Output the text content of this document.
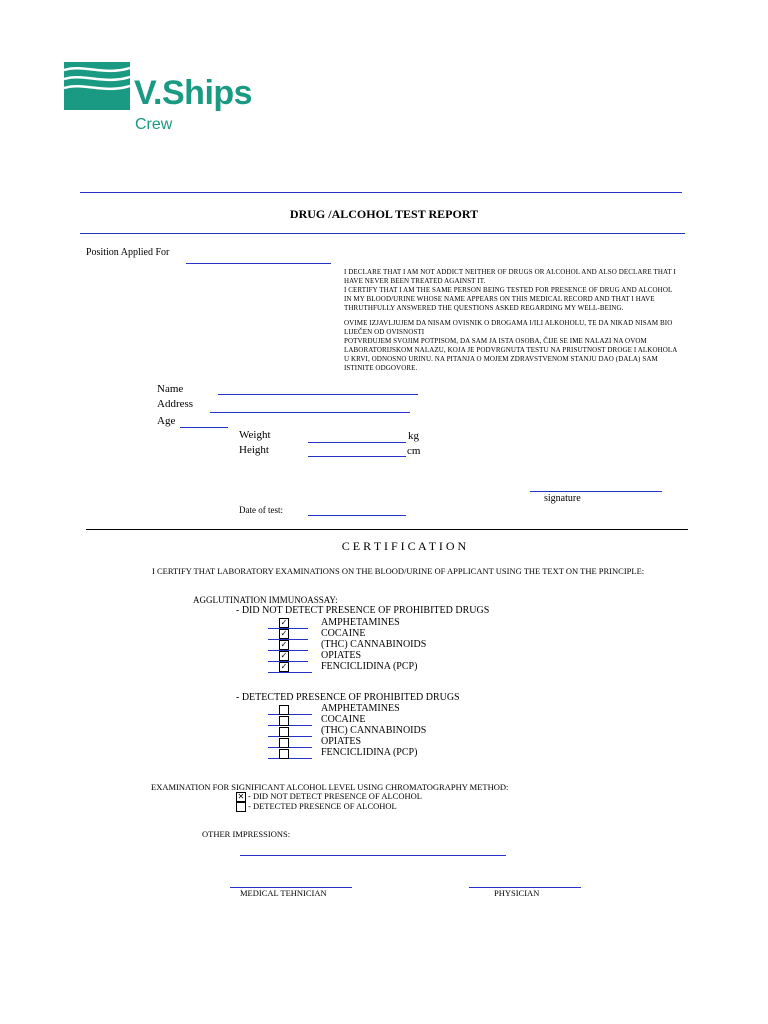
V.Ships
Crew
DRUG /ALCOHOL TEST REPORT
Position Applied For

I DECLARE THAT I AM NOT ADDICT NEITHER OF DRUGS OR ALCOHOL AND ALSO DECLARE THAT I HAVE NEVER BEEN TREATED AGAINST IT.
I CERTIFY THAT I AM THE SAME PERSON BEING TESTED FOR PRESENCE OF DRUG AND ALCOHOL IN MY BLOOD/URINE WHOSE NAME APPEARS ON THIS MEDICAL RECORD AND THAT I HAVE THRUTHFULLY ANSWERED THE QUESTIONS ASKED REGARDING MY WELL-BEING.

OVIME IZJAVLJUJEM DA NISAM OVISNIK O DROGAMA I/ILI ALKOHOLU, TE DA NIKAD NISAM BIO LIJEČEN OD OVISNOSTI
POTVRĐUJEM SVOJIM POTPISOM, DA SAM JA ISTA OSOBA, ČIJE SE IME NALAZI NA OVOM LABORATORIJSKOM NALAZU, KOJA JE PODVRGNUTA TESTU NA PRISUTNOST DROGE I ALKOHOLA U KRVI, ODNOSNO URINU. NA PITANJA O MOJEM ZDRAVSTVENOM STANJU DAO (DALA) SAM ISTINITE ODGOVORE.

Name
Address
Age
Weight	kg
Height	cm
signature
Date of test:
C E R T I F I C A T I O N
I CERTIFY THAT LABORATORY EXAMINATIONS ON THE BLOOD/URINE OF APPLICANT USING THE TEXT ON THE PRINCIPLE:
AGGLUTINATION IMMUNOASSAY:
- DID NOT DETECT PRESENCE OF PROHIBITED DRUGS
✓	AMPHETAMINES
✓	COCAINE
✓	(THC) CANNABINOIDS
✓	OPIATES
✓	FENCICLIDINA (PCP)
- DETECTED PRESENCE OF PROHIBITED DRUGS
AMPHETAMINES
COCAINE
(THC) CANNABINOIDS
OPIATES
FENCICLIDINA (PCP)
EXAMINATION FOR SIGNIFICANT ALCOHOL LEVEL USING CHROMATOGRAPHY METHOD:
✕ - DID NOT DETECT PRESENCE OF ALCOHOL
- DETECTED PRESENCE OF ALCOHOL
OTHER IMPRESSIONS:
MEDICAL TEHNICIAN	PHYSICIAN
